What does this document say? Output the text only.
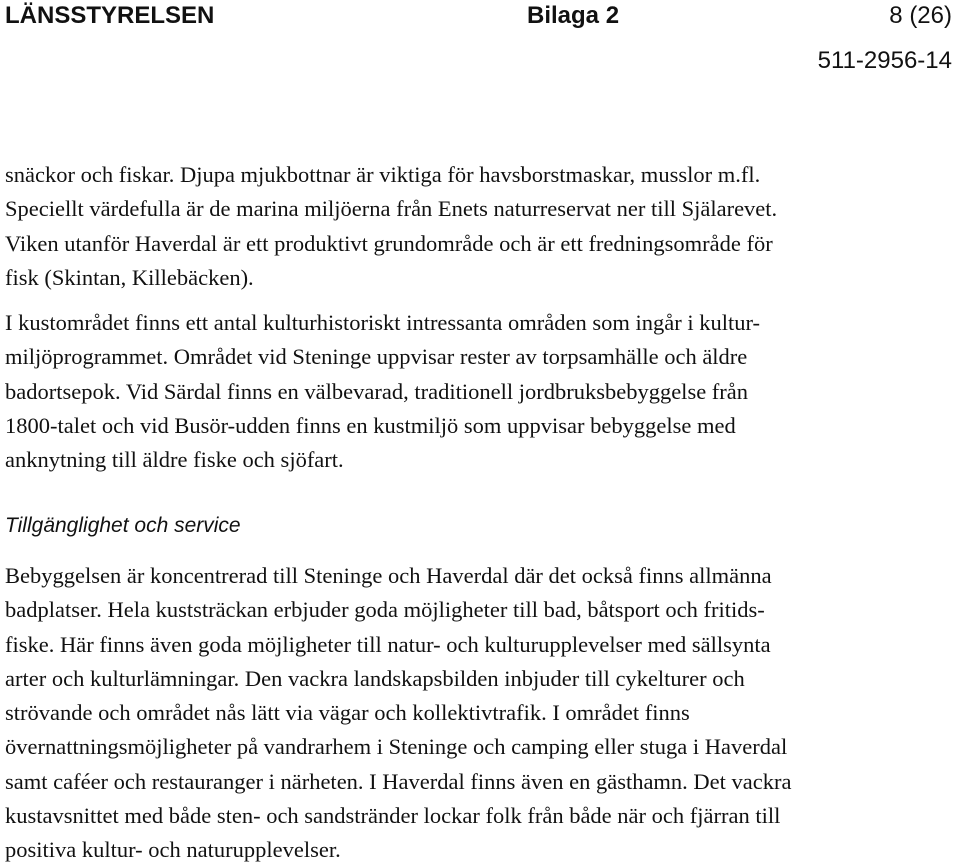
LÄNSSTYRELSEN	Bilaga 2	8 (26)
511-2956-14

snäckor och fiskar. Djupa mjukbottnar är viktiga för havsborstmaskar, musslor m.fl.
Speciellt värdefulla är de marina miljöerna från Enets naturreservat ner till Själarevet.
Viken utanför Haverdal är ett produktivt grundområde och är ett fredningsområde för
fisk (Skintan, Killebäcken).

I kustområdet finns ett antal kulturhistoriskt intressanta områden som ingår i kultur-
miljöprogrammet. Området vid Steninge uppvisar rester av torpsamhälle och äldre
badortsepok. Vid Särdal finns en välbevarad, traditionell jordbruksbebyggelse från
1800-talet och vid Busör-udden finns en kustmiljö som uppvisar bebyggelse med
anknytning till äldre fiske och sjöfart.

Tillgänglighet och service

Bebyggelsen är koncentrerad till Steninge och Haverdal där det också finns allmänna
badplatser. Hela kuststräckan erbjuder goda möjligheter till bad, båtsport och fritids-
fiske. Här finns även goda möjligheter till natur- och kulturupplevelser med sällsynta
arter och kulturlämningar. Den vackra landskapsbilden inbjuder till cykelturer och
strövande och området nås lätt via vägar och kollektivtrafik. I området finns
övernattningsmöjligheter på vandrarhem i Steninge och camping eller stuga i Haverdal
samt caféer och restauranger i närheten. I Haverdal finns även en gästhamn. Det vackra
kustavsnittet med både sten- och sandstränder lockar folk från både när och fjärran till
positiva kultur- och naturupplevelser.
